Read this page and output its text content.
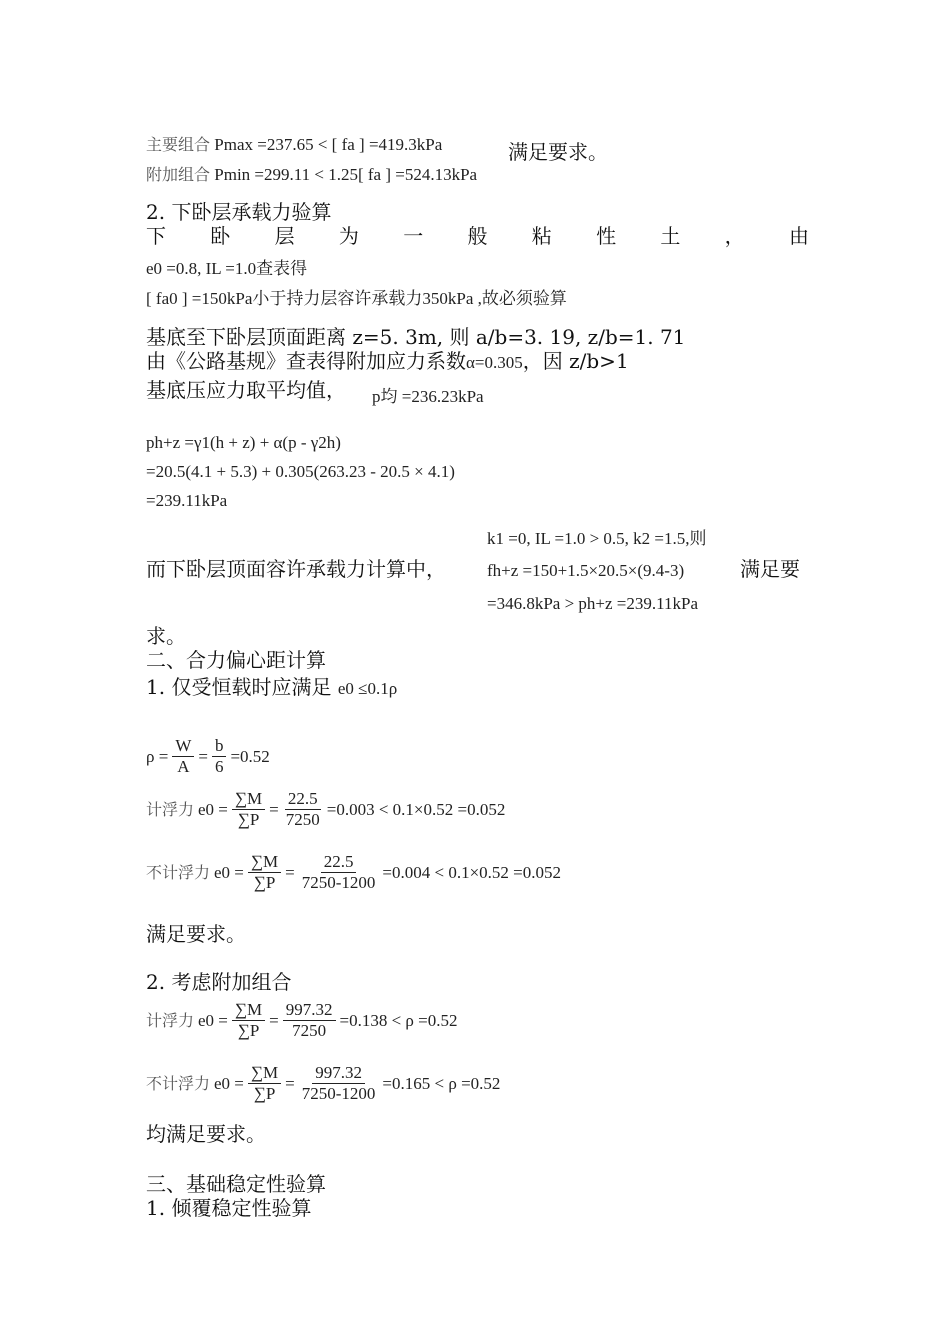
主要组合 Pmax =237.65 < [ fa ] =419.3kPa	满足要求。
附加组合 Pmin =299.11 < 1.25[ fa ] =524.13kPa
2. 下卧层承载力验算
下 卧 层 为 一 般 粘 性 土 ， 由
e0 =0.8, IL =1.0查表得
[ fa0 ] =150kPa小于持力层容许承载力350kPa ,故必须验算
基底至下卧层顶面距离 z=5. 3m, 则 a/b=3. 19, z/b=1. 71
由《公路基规》查表得附加应力系数α=0.305，因 z/b>1
基底压应力取平均值， p均 =236.23kPa
ph+z =γ1(h + z) + α(p - γ2h)
=20.5(4.1 + 5.3) + 0.305(263.23 - 20.5 × 4.1)
=239.11kPa
k1 =0, IL =1.0 > 0.5, k2 =1.5,则
而下卧层顶面容许承载力计算中， fh+z =150+1.5×20.5×(9.4-3)	满足要
=346.8kPa > ph+z =239.11kPa
求。
二、合力偏心距计算
1. 仅受恒载时应满足 e0 ≤0.1ρ
$\rho = \frac{W}{A} = \frac{b}{6} =0.52$
计浮力 $e0 = \frac{\sum M}{\sum P} = \frac{22.5}{7250} =0.003 < 0.1\times 0.52 =0.052$
不计浮力 $e0 = \frac{\sum M}{\sum P} = \frac{22.5}{7250-1200} =0.004 < 0.1\times 0.52 =0.052$
满足要求。
2. 考虑附加组合
计浮力 $e0 = \frac{\sum M}{\sum P} = \frac{997.32}{7250} =0.138 < \rho =0.52$
不计浮力 $e0 = \frac{\sum M}{\sum P} = \frac{997.32}{7250-1200} =0.165 < \rho =0.52$
均满足要求。
三、基础稳定性验算
1. 倾覆稳定性验算
